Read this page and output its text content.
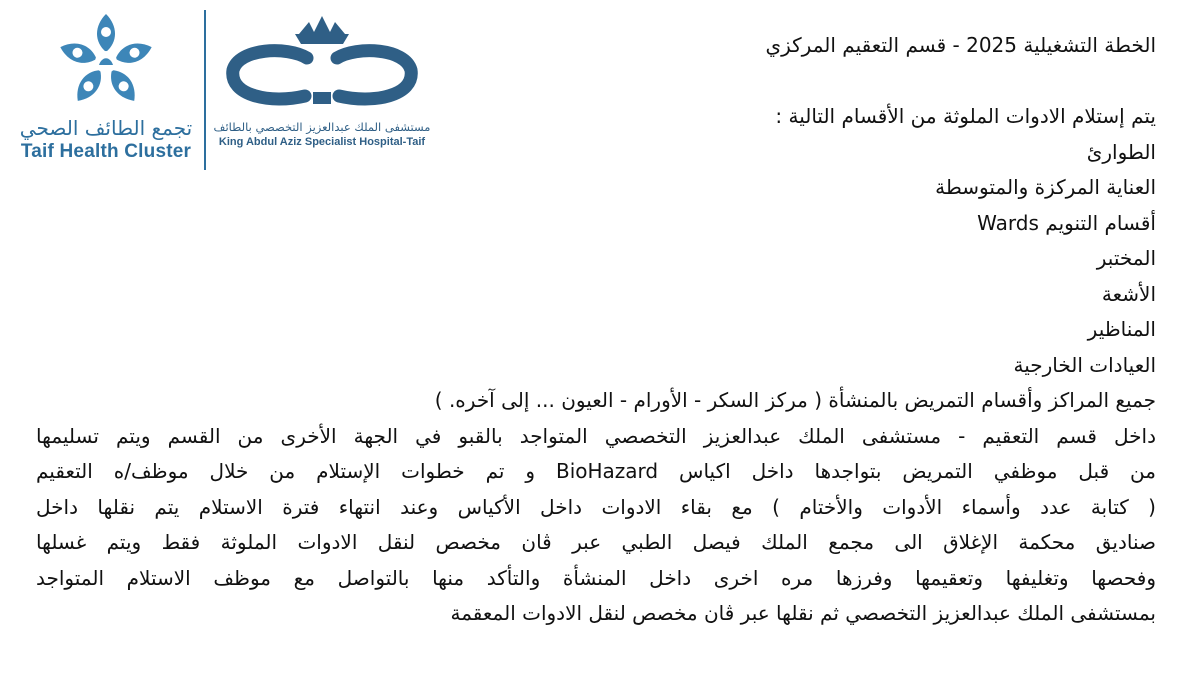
تجمع الطائف الصحي
Taif Health Cluster
مستشفى الملك عبدالعزيز التخصصي بالطائف
King Abdul Aziz Specialist Hospital-Taif
الخطة التشغيلية 2025 - قسم التعقيم المركزي
يتم إستلام الادوات الملوثة من الأقسام التالية :
الطوارئ
العناية المركزة والمتوسطة
أقسام التنويم Wards
المختبر
الأشعة
المناظير
العيادات الخارجية
جميع المراكز وأقسام التمريض بالمنشأة ( مركز السكر - الأورام - العيون ... إلى آخره. )
داخل قسم التعقيم - مستشفى الملك عبدالعزيز التخصصي المتواجد بالقبو في الجهة الأخرى من القسم ويتم تسليمها
من قبل موظفي التمريض بتواجدها داخل اكياس BioHazard و تم خطوات الإستلام من خلال موظف/ه التعقيم
( كتابة عدد وأسماء الأدوات والأختام ) مع بقاء الادوات داخل الأكياس وعند انتهاء فترة الاستلام يتم نقلها داخل
صناديق محكمة الإغلاق الى مجمع الملك فيصل الطبي عبر ڤان مخصص لنقل الادوات الملوثة فقط ويتم غسلها
وفحصها وتغليفها وتعقيمها وفرزها مره اخرى داخل المنشأة والتأكد منها بالتواصل مع موظف الاستلام المتواجد
بمستشفى الملك عبدالعزيز التخصصي ثم نقلها عبر ڤان مخصص لنقل الادوات المعقمة
